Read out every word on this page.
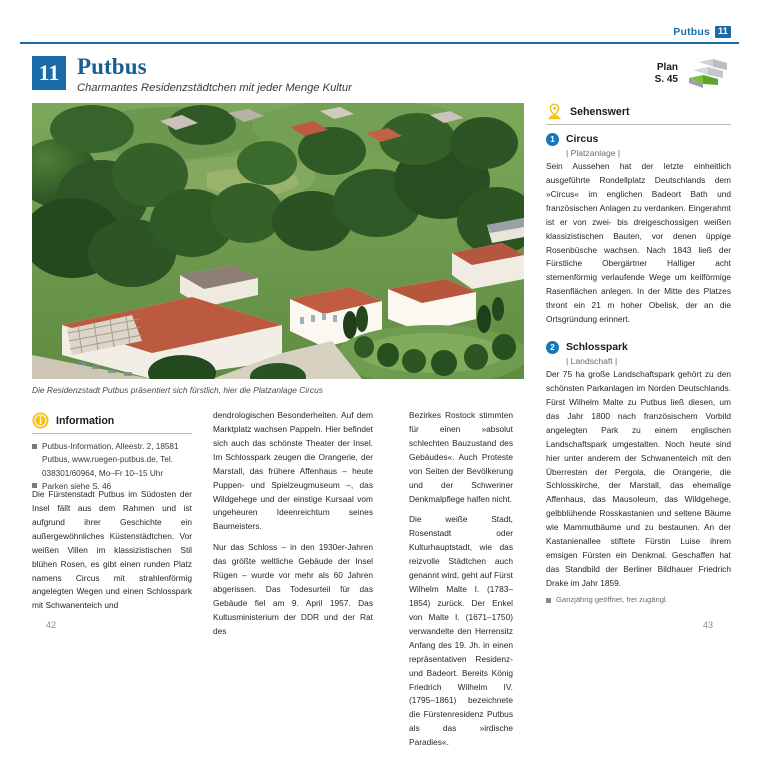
Putbus 11
11 Putbus
Charmantes Residenzstädtchen mit jeder Menge Kultur
Plan
S. 45
Die Residenzstadt Putbus präsentiert sich fürstlich, hier die Platzanlage Circus
Information
Putbus-Information, Alleestr. 2, 18581 Putbus, www.ruegen-putbus.de, Tel. 038301/60964, Mo–Fr 10–15 Uhr
Parken siehe S. 46

Die Fürstenstadt Putbus im Südosten der Insel fällt aus dem Rahmen und ist aufgrund ihrer Geschichte ein außergewöhnliches Küstenstädtchen. Vor weißen Villen im klassizistischen Stil blühen Rosen, es gibt einen runden Platz namens Circus mit strahlenförmig angelegten Wegen und einen Schlosspark mit Schwanenteich und

dendrologischen Besonderheiten. Auf dem Marktplatz wachsen Pappeln. Hier befindet sich auch das schönste Theater der Insel. Im Schlosspark zeugen die Orangerie, der Marstall, das frühere Affenhaus – heute Puppen- und Spielzeugmuseum –, das Wildgehege und der einstige Kursaal vom ungeheuren Ideenreichtum seines Baumeisters.

Nur das Schloss – in den 1930er-Jahren das größte weltliche Gebäude der Insel Rügen – wurde vor mehr als 60 Jahren abgerissen. Das Todesurteil für das Gebäude fiel am 9. April 1957. Das Kultusministerium der DDR und der Rat des

Bezirkes Rostock stimmten für einen »absolut schlechten Bauzustand des Gebäudes«. Auch Proteste von Seiten der Bevölkerung und der Schweriner Denkmalpflege halfen nicht.

Die weiße Stadt, Rosenstadt oder Kulturhauptstadt, wie das reizvolle Städtchen auch genannt wird, geht auf Fürst Wilhelm Malte I. (1783–1854) zurück. Der Enkel von Malte I. (1671–1750) verwandelte den Herrensitz Anfang des 19. Jh. in einen repräsentativen Residenz- und Badeort. Bereits König Friedrich Wilhelm IV. (1795–1861) bezeichnete die Fürstenresidenz Putbus als das »irdische Paradies«.

Sehenswert
1	Circus
| Platzanlage |
Sein Aussehen hat der letzte einheitlich ausgeführte Rondellplatz Deutschlands dem »Circus« im englichen Badeort Bath und französischen Anlagen zu verdanken. Eingerahmt ist er von zwei- bis dreigeschossigen weißen klassizistischen Bauten, vor denen üppige Rosenbüsche wachsen. Nach 1843 ließ der Fürstliche Obergärtner Halliger acht sternenförmig verlaufende Wege um keilförmige Rasenflächen anlegen. In der Mitte des Platzes thront ein 21 m hoher Obelisk, der an die Ortsgründung erinnert.
2	Schlosspark
| Landschaft |
Der 75 ha große Landschaftspark gehört zu den schönsten Parkanlagen im Norden Deutschlands. Fürst Wilhelm Malte zu Putbus ließ diesen, um das Jahr 1800 nach französischem Vorbild angelegten Park zu einem englischen Landschaftspark umgestalten. Noch heute sind hier unter anderem der Schwanenteich mit den Überresten der Pergola, die Orangerie, die Schlosskirche, der Marstall, das ehemalige Affenhaus, das Mausoleum, das Wildgehege, gelbblühende Rosskastanien und seltene Bäume wie Mammutbäume und zu bestaunen. An der Kastanienallee stiftete Fürstin Luise ihrem emsigen Fürsten ein Denkmal. Geschaffen hat das Standbild der Berliner Bildhauer Friedrich Drake im Jahr 1859.
Ganzjährig geöffnet, frei zugängl.
42	43
